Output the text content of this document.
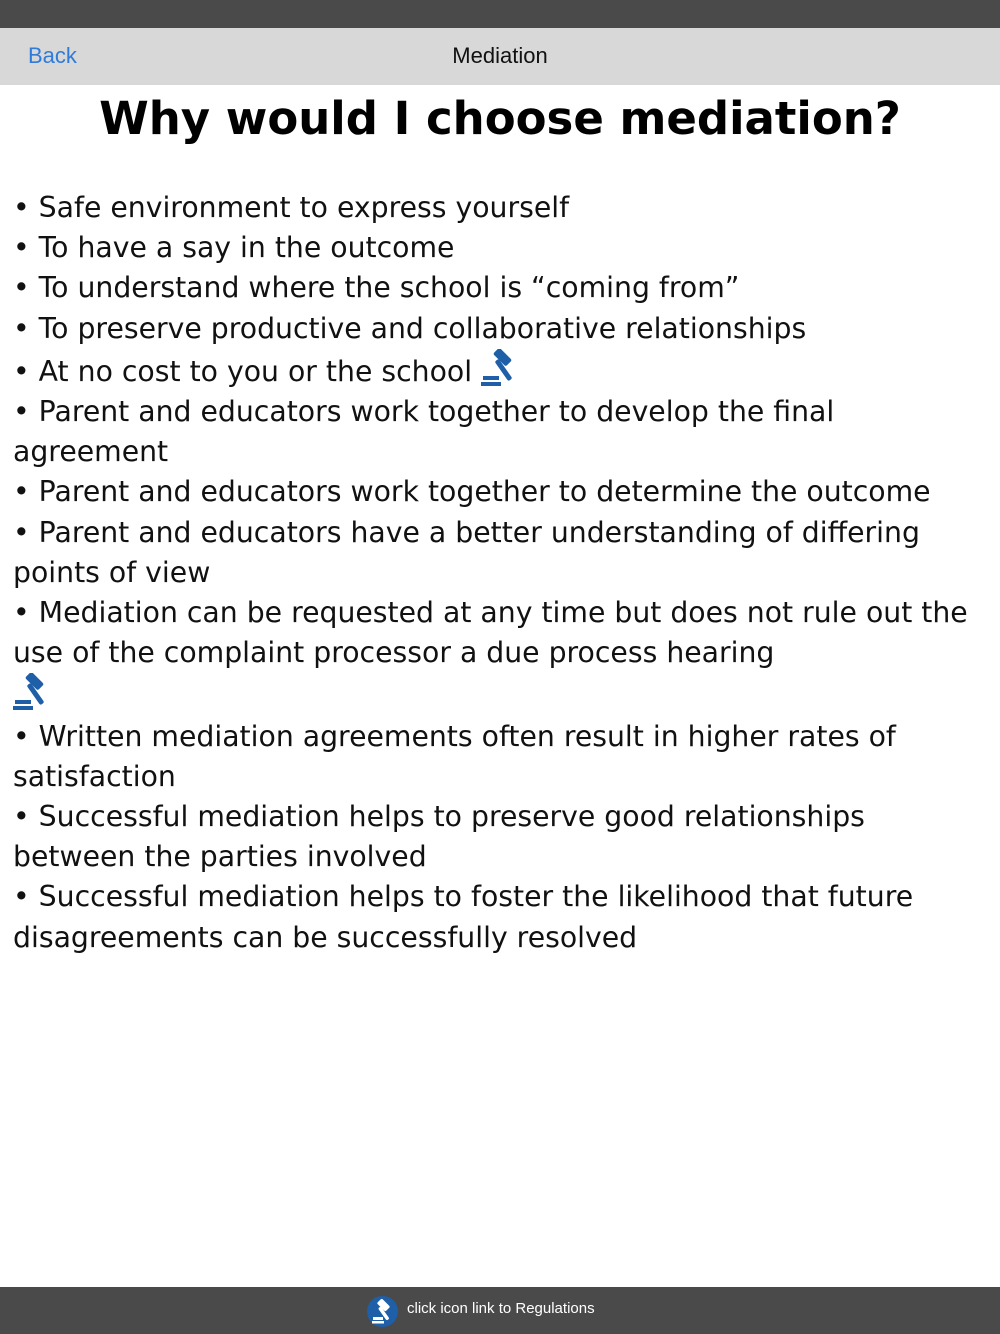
Back	Mediation
Why would I choose mediation?
• Safe environment to express yourself
• To have a say in the outcome
• To understand where the school is “coming from”
• To preserve productive and collaborative relationships
• At no cost to you or the school
• Parent and educators work together to develop the final agreement
• Parent and educators work together to determine the outcome
• Parent and educators have a better understanding of differing points of view
• Mediation can be requested at any time but does not rule out the use of the complaint processor a due process hearing

• Written mediation agreements often result in higher rates of satisfaction
• Successful mediation helps to preserve good relationships between the parties involved
• Successful mediation helps to foster the likelihood that future disagreements can be successfully resolved
click icon link to Regulations
